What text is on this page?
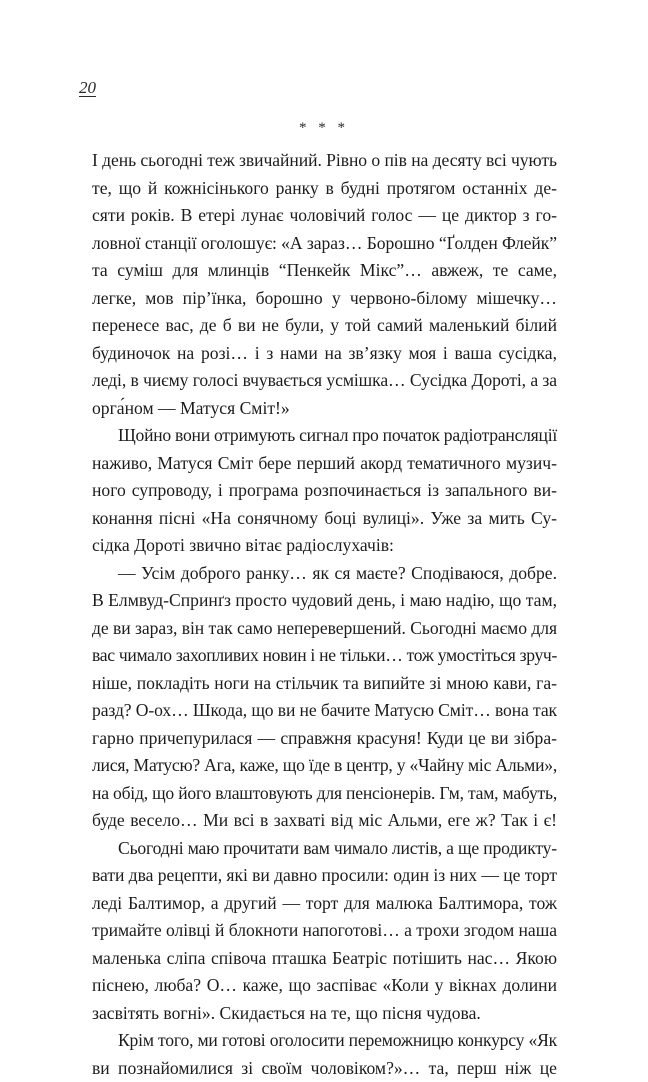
20
* * *
І день сьогодні теж звичайний. Рівно о пів на десяту всі чують
те, що й кожнісінького ранку в будні протягом останніх де-
сяти років. В етері лунає чоловічий голос — це диктор з го-
ловної станції оголошує: «А зараз… Борошно “Ґолден Флейк”
та суміш для млинців “Пенкейк Мікс”… авжеж, те саме,
легке, мов пір’їнка, борошно у червоно-білому мішечку…
перенесе вас, де б ви не були, у той самий маленький білий
будиночок на розі… і з нами на зв’язку моя і ваша сусідка,
леді, в чиєму голосі вчувається усмішка… Сусідка Дороті, а за
орга́ном — Матуся Сміт!»
Щойно вони отримують сигнал про початок радіотрансляції
наживо, Матуся Сміт бере перший акорд тематичного музич-
ного супроводу, і програма розпочинається із запального ви-
конання пісні «На сонячному боці вулиці». Уже за мить Су-
сідка Дороті звично вітає радіослухачів:
— Усім доброго ранку… як ся маєте? Сподіваюся, добре.
В Елмвуд-Спринґз просто чудовий день, і маю надію, що там,
де ви зараз, він так само неперевершений. Сьогодні маємо для
вас чимало захопливих новин і не тільки… тож умостіться зруч-
ніше, покладіть ноги на стільчик та випийте зі мною кави, га-
разд? О-ох… Шкода, що ви не бачите Матусю Сміт… вона так
гарно причепурилася — справжня красуня! Куди це ви зібра-
лися, Матусю? Ага, каже, що їде в центр, у «Чайну міс Альми»,
на обід, що його влаштовують для пенсіонерів. Гм, там, мабуть,
буде весело… Ми всі в захваті від міс Альми, еге ж? Так і є!
Сьогодні маю прочитати вам чимало листів, а ще продикту-
вати два рецепти, які ви давно просили: один із них — це торт
леді Балтимор, а другий — торт для малюка Балтимора, тож
тримайте олівці й блокноти напоготові… а трохи згодом наша
маленька сліпа співоча пташка Беатріс потішить нас… Якою
піснею, люба? О… каже, що заспіває «Коли у вікнах долини
засвітять вогні». Скидається на те, що пісня чудова.
Крім того, ми готові оголосити переможницю конкурсу «Як
ви познайомилися зі своїм чоловіком?»… та, перш ніж це
